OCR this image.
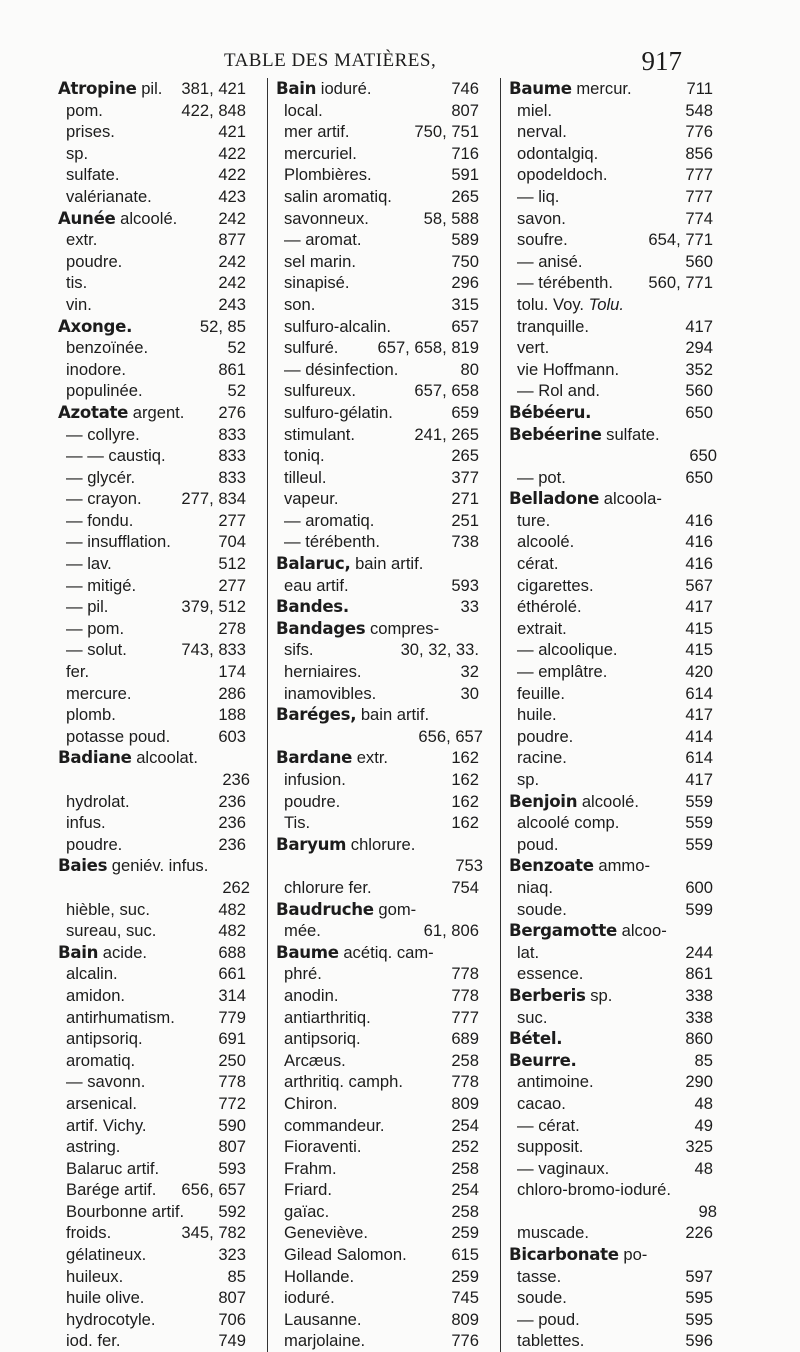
TABLE DES MATIÈRES,	917
Atropine pil.	381, 421
pom.	422, 848
prises.	421
sp.	422
sulfate.	422
valérianate.	423
Aunée alcoolé.	242
extr.	877
poudre.	242
tis.	242
vin.	243
Axonge.	52, 85
benzoïnée.	52
inodore.	861
populinée.	52
Azotate argent.	276
— collyre.	833
— — caustiq.	833
— glycér.	833
— crayon.	277, 834
— fondu.	277
— insufflation.	704
— lav.	512
— mitigé.	277
— pil.	379, 512
— pom.	278
— solut.	743, 833
fer.	174
mercure.	286
plomb.	188
potasse poud.	603
Badiane alcoolat.
236
hydrolat.	236
infus.	236
poudre.	236
Baies geniév. infus.
262
hièble, suc.	482
sureau, suc.	482
Bain acide.	688
alcalin.	661
amidon.	314
antirhumatism.	779
antipsoriq.	691
aromatiq.	250
— savonn.	778
arsenical.	772
artif. Vichy.	590
astring.	807
Balaruc artif.	593
Barége artif.	656, 657
Bourbonne artif.	592
froids.	345, 782
gélatineux.	323
huileux.	85
huile olive.	807
hydrocotyle.	706
iod. fer.	749
Bain ioduré.	746
local.	807
mer artif.	750, 751
mercuriel.	716
Plombières.	591
salin aromatiq.	265
savonneux.	58, 588
— aromat.	589
sel marin.	750
sinapisé.	296
son.	315
sulfuro-alcalin.	657
sulfuré.	657, 658, 819
— désinfection.	80
sulfureux.	657, 658
sulfuro-gélatin.	659
stimulant.	241, 265
toniq.	265
tilleul.	377
vapeur.	271
— aromatiq.	251
— térébenth.	738
Balaruc, bain artif.
eau artif.	593
Bandes.	33
Bandages compres-
sifs.	30, 32, 33.
herniaires.	32
inamovibles.	30
Baréges, bain artif.
656, 657
Bardane extr.	162
infusion.	162
poudre.	162
Tis.	162
Baryum chlorure.
753
chlorure fer.	754
Baudruche gom-
mée.	61, 806
Baume acétiq. cam-
phré.	778
anodin.	778
antiarthritiq.	777
antipsoriq.	689
Arcæus.	258
arthritiq. camph.	778
Chiron.	809
commandeur.	254
Fioraventi.	252
Frahm.	258
Friard.	254
gaïac.	258
Geneviève.	259
Gilead Salomon.	615
Hollande.	259
ioduré.	745
Lausanne.	809
marjolaine.	776
Baume mercur.	711
miel.	548
nerval.	776
odontalgiq.	856
opodeldoch.	777
— liq.	777
savon.	774
soufre.	654, 771
— anisé.	560
— térébenth.	560, 771
tolu. Voy. Tolu.
tranquille.	417
vert.	294
vie Hoffmann.	352
— Rol and.	560
Bébéeru.	650
Bebéerine sulfate.
650
— pot.	650
Belladone alcoola-
ture.	416
alcoolé.	416
cérat.	416
cigarettes.	567
éthérolé.	417
extrait.	415
— alcoolique.	415
— emplâtre.	420
feuille.	614
huile.	417
poudre.	414
racine.	614
sp.	417
Benjoin alcoolé.	559
alcoolé comp.	559
poud.	559
Benzoate ammo-
niaq.	600
soude.	599
Bergamotte alcoo-
lat.	244
essence.	861
Berberis sp.	338
suc.	338
Bétel.	860
Beurre.	85
antimoine.	290
cacao.	48
— cérat.	49
supposit.	325
— vaginaux.	48
chloro-bromo-ioduré.
98
muscade.	226
Bicarbonate po-
tasse.	597
soude.	595
— poud.	595
tablettes.	596
